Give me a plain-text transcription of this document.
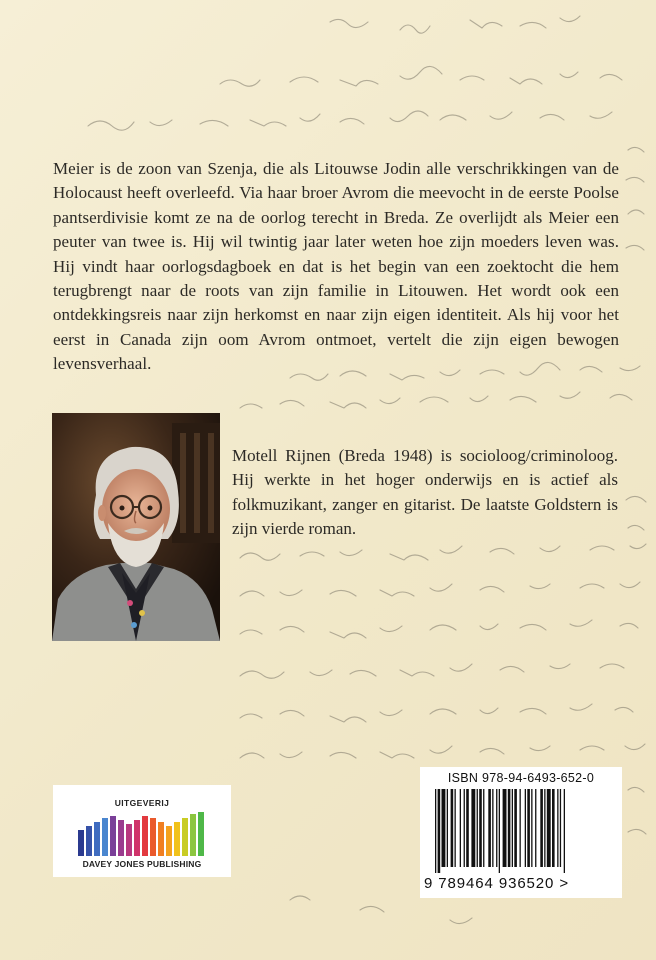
Meier is de zoon van Szenja, die als Litouwse Jodin alle verschrikkingen van de Holocaust heeft overleefd. Via haar broer Avrom die meevocht in de eerste Poolse pantserdivisie komt ze na de oorlog terecht in Breda. Ze overlijdt als Meier een peuter van twee is. Hij wil twintig jaar later weten hoe zijn moeders leven was. Hij vindt haar oorlogsdagboek en dat is het begin van een zoektocht die hem terugbrengt naar de roots van zijn familie in Litouwen. Het wordt ook een ontdekkingsreis naar zijn herkomst en naar zijn eigen identiteit. Als hij voor het eerst in Canada zijn oom Avrom ontmoet, vertelt die zijn eigen bewogen levensverhaal.

Motell Rijnen (Breda 1948) is socioloog/criminoloog. Hij werkte in het hoger onderwijs en is actief als folkmuzikant, zanger en gitarist. De laatste Goldstern is zijn vierde roman.

UITGEVERIJ
DAVEY JONES PUBLISHING
ISBN 978-94-6493-652-0
9 789464 936520 >
